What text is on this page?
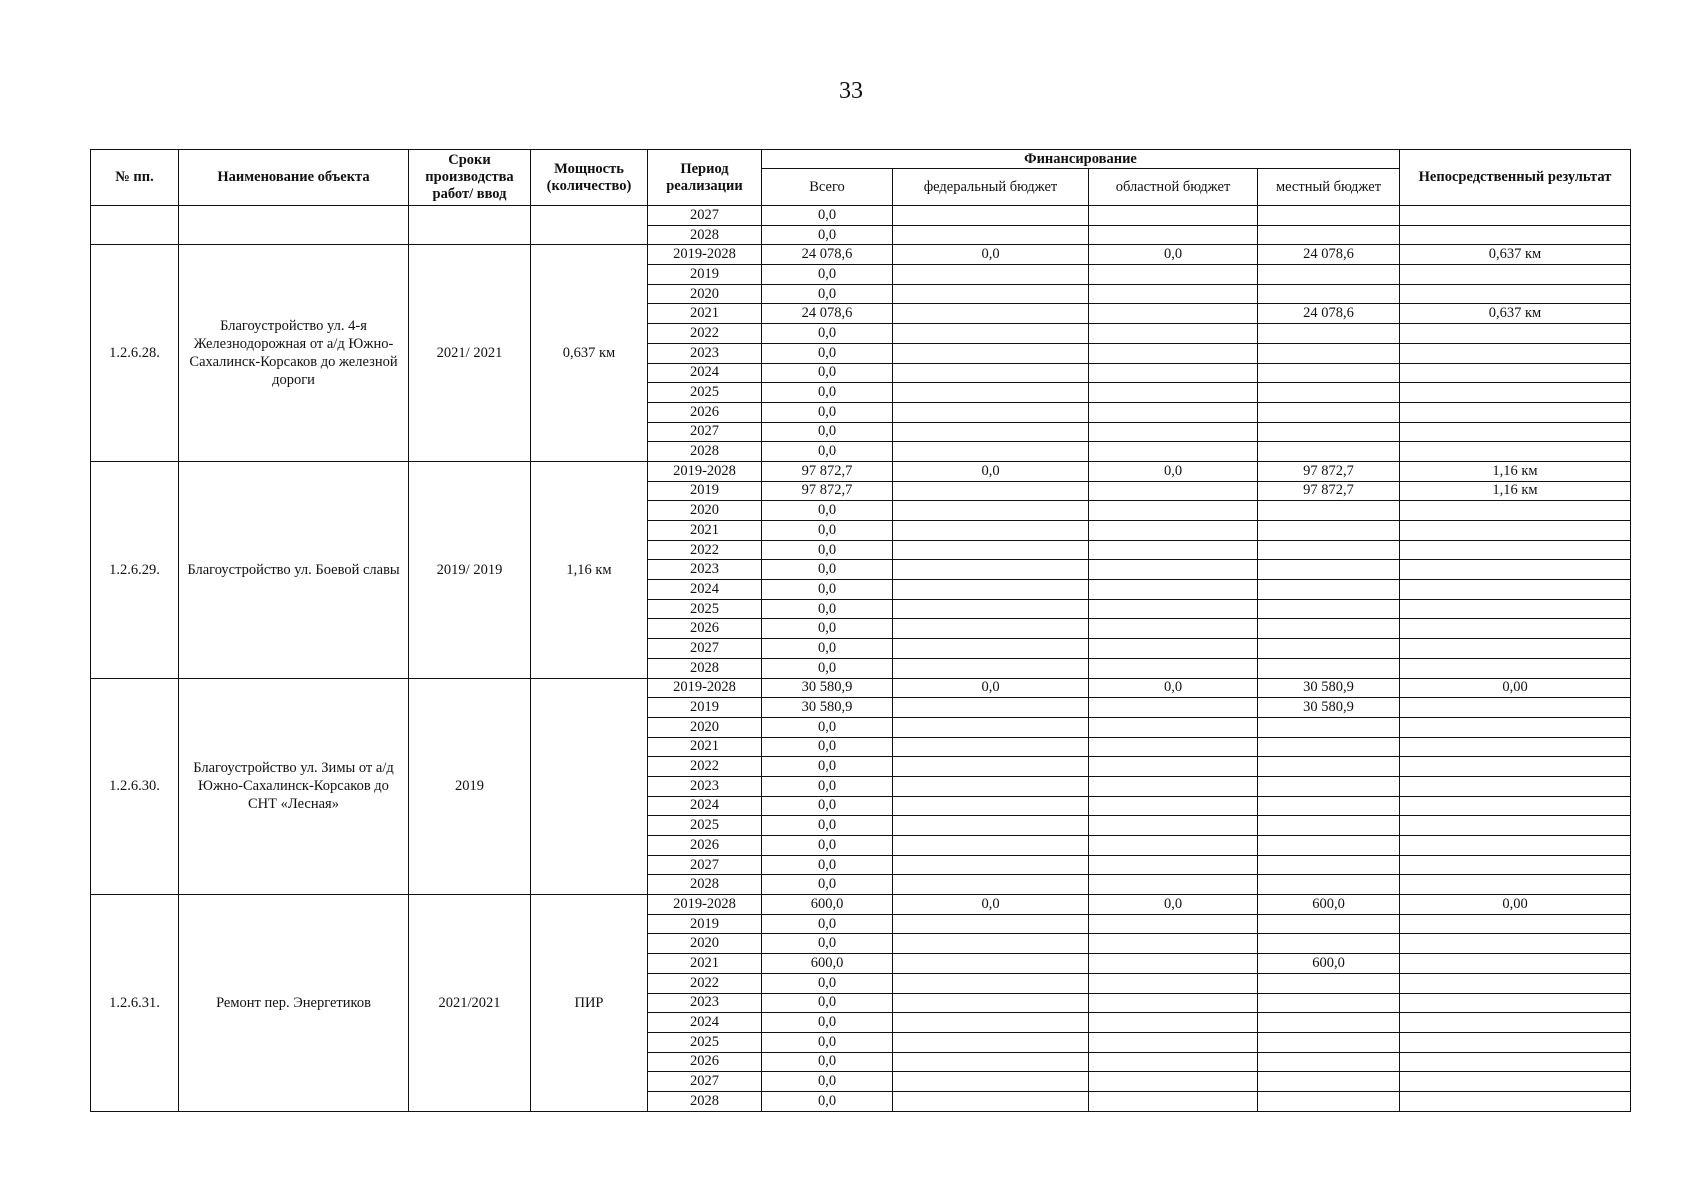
33
№ пп.	Наименование объекта	Сроки производства работ/ ввод	Мощность (количество)	Период реализации	Финансирование				Непосредственный результат
					Всего	федеральный бюджет	областной бюджет	местный бюджет	
				2027	0,0				
				2028	0,0				
1.2.6.28.	Благоустройство ул. 4-я Железнодорожная от а/д Южно-Сахалинск-Корсаков до железной дороги	2021/ 2021	0,637 км	2019-2028	24 078,6	0,0	0,0	24 078,6	0,637 км
				2019	0,0				
				2020	0,0				
				2021	24 078,6			24 078,6	0,637 км
				2022	0,0				
				2023	0,0				
				2024	0,0				
				2025	0,0				
				2026	0,0				
				2027	0,0				
				2028	0,0				
1.2.6.29.	Благоустройство ул. Боевой славы	2019/ 2019	1,16 км	2019-2028	97 872,7	0,0	0,0	97 872,7	1,16 км
				2019	97 872,7			97 872,7	1,16 км
				2020	0,0				
				2021	0,0				
				2022	0,0				
				2023	0,0				
				2024	0,0				
				2025	0,0				
				2026	0,0				
				2027	0,0				
				2028	0,0				
1.2.6.30.	Благоустройство ул. Зимы от а/д Южно-Сахалинск-Корсаков до СНТ «Лесная»	2019		2019-2028	30 580,9	0,0	0,0	30 580,9	0,00
				2019	30 580,9			30 580,9	
				2020	0,0				
				2021	0,0				
				2022	0,0				
				2023	0,0				
				2024	0,0				
				2025	0,0				
				2026	0,0				
				2027	0,0				
				2028	0,0				
1.2.6.31.	Ремонт пер. Энергетиков	2021/2021	ПИР	2019-2028	600,0	0,0	0,0	600,0	0,00
				2019	0,0				
				2020	0,0				
				2021	600,0			600,0	
				2022	0,0				
				2023	0,0				
				2024	0,0				
				2025	0,0				
				2026	0,0				
				2027	0,0				
				2028	0,0				
